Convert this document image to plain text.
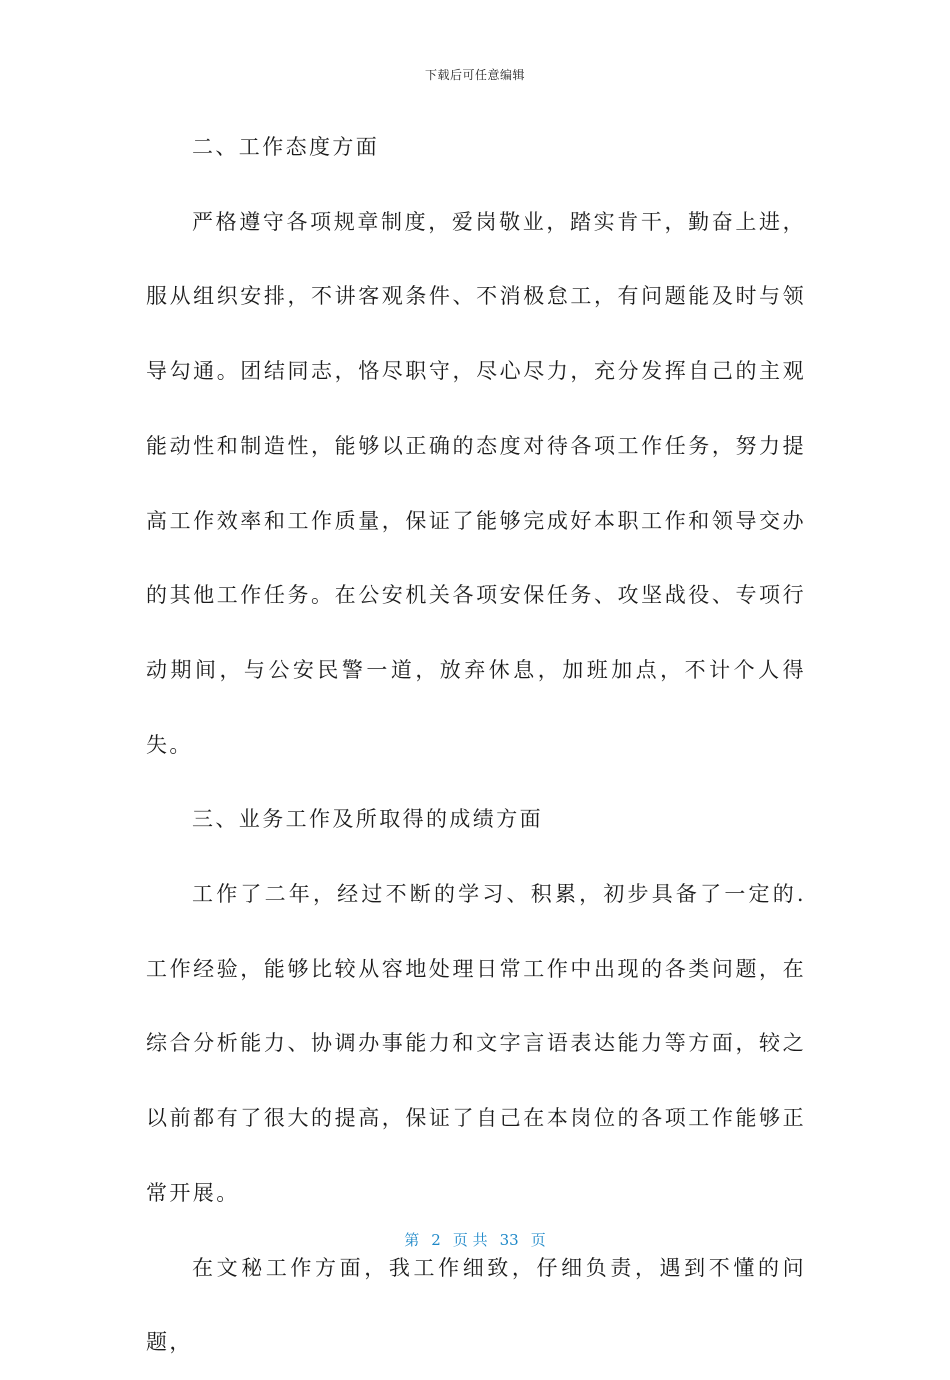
下载后可任意编辑

二、工作态度方面

严格遵守各项规章制度，爱岗敬业，踏实肯干，勤奋上进，服从组织安排，不讲客观条件、不消极怠工，有问题能及时与领导勾通。团结同志，恪尽职守，尽心尽力，充分发挥自己的主观能动性和制造性，能够以正确的态度对待各项工作任务，努力提高工作效率和工作质量，保证了能够完成好本职工作和领导交办的其他工作任务。在公安机关各项安保任务、攻坚战役、专项行动期间，与公安民警一道，放弃休息，加班加点，不计个人得失。

三、业务工作及所取得的成绩方面

工作了二年，经过不断的学习、积累，初步具备了一定的.工作经验，能够比较从容地处理日常工作中出现的各类问题，在综合分析能力、协调办事能力和文字言语表达能力等方面，较之以前都有了很大的提高，保证了自己在本岗位的各项工作能够正常开展。

在文秘工作方面，我工作细致，仔细负责，遇到不懂的问题，

第 2 页 共 33 页
